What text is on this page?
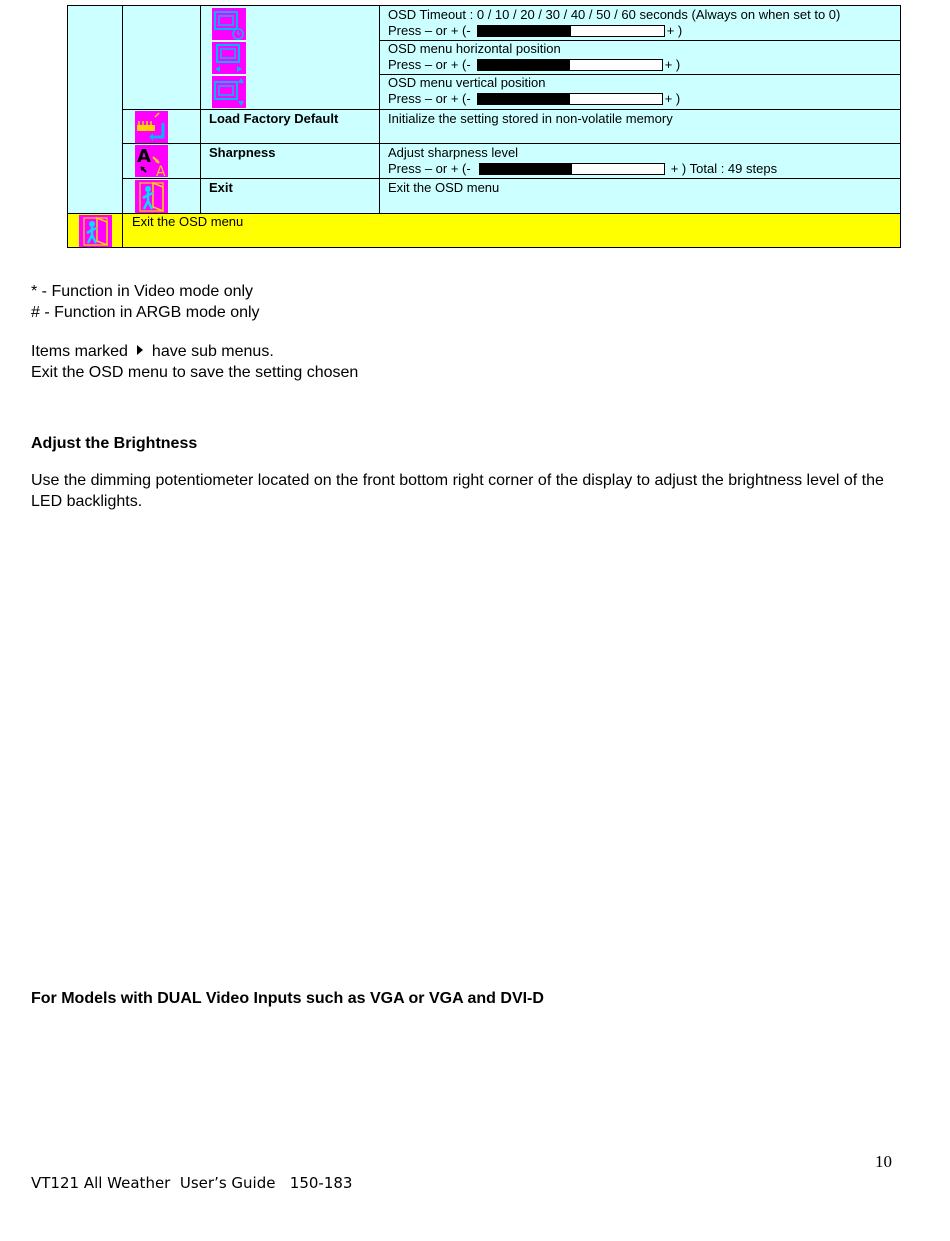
OSD Timeout : 0 / 10 / 20 / 30 / 40 / 50 / 60 seconds (Always on when set to 0)
Press – or + (-	+ )
OSD menu horizontal position
Press – or + (-	+ )
OSD menu vertical position
Press – or + (-	+ )
Load Factory Default	Initialize the setting stored in non-volatile memory
Sharpness	Adjust sharpness level
Press – or + (-	+ ) Total : 49 steps
A
A
Exit	Exit the OSD menu
Exit the OSD menu
* - Function in Video mode only
# - Function in ARGB mode only
Items marked have sub menus.
Exit the OSD menu to save the setting chosen
Adjust the Brightness
Use the dimming potentiometer located on the front bottom right corner of the display to adjust the brightness level of the LED backlights.
For Models with DUAL Video Inputs such as VGA or VGA and DVI-D
10
VT121 All Weather  User’s Guide   150-183
